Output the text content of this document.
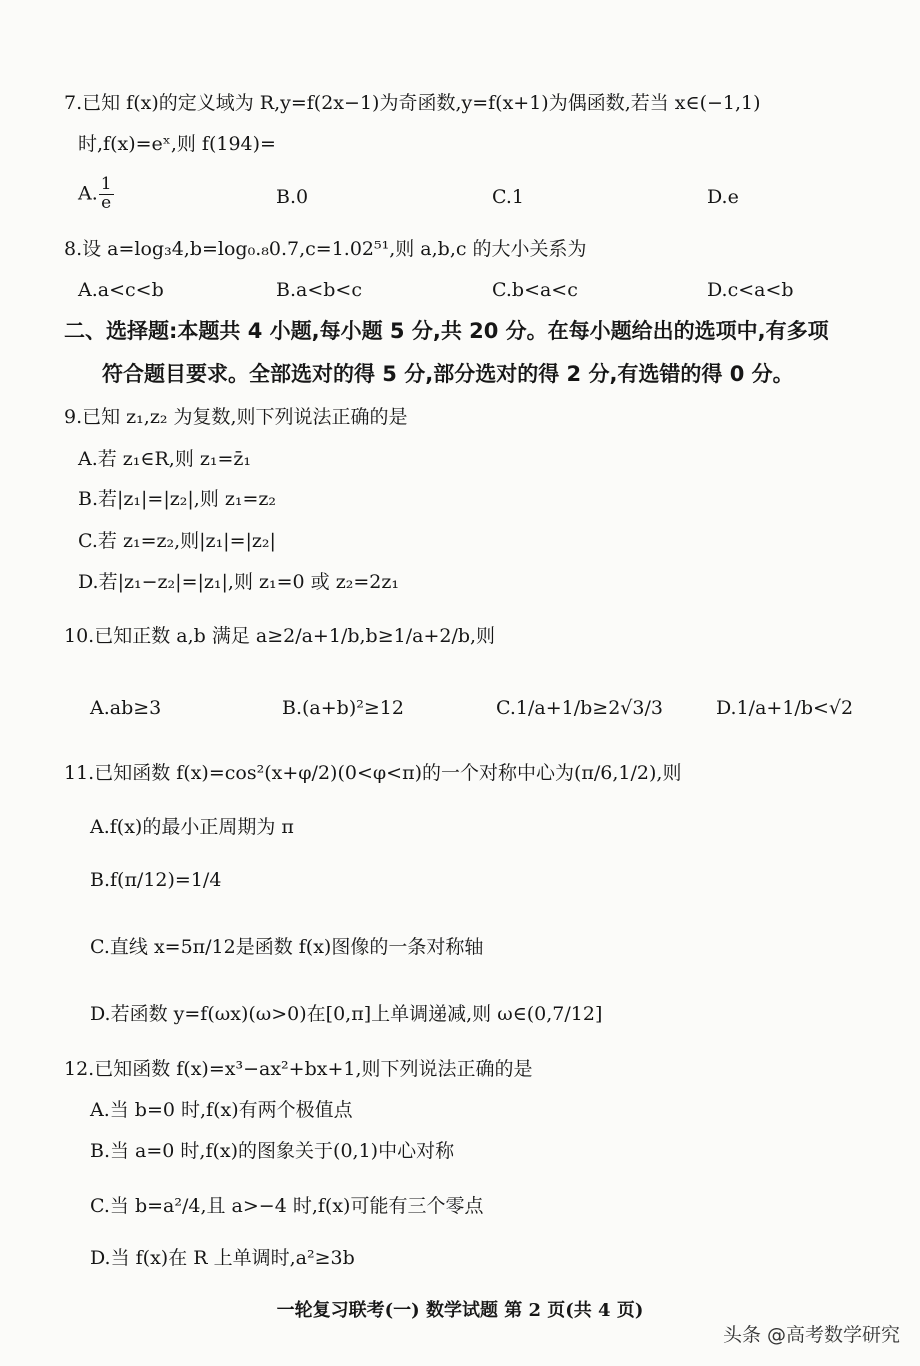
7.已知 f(x)的定义域为 R,y=f(2x−1)为奇函数,y=f(x+1)为偶函数,若当 x∈(−1,1)
时,f(x)=eˣ,则 f(194)=
A. $\frac{1}{e}$	B.0	C.1	D.e
8.设 a=log₃4,b=log₀.₈0.7,c=1.02⁵¹,则 a,b,c 的大小关系为
A.a<c<b	B.a<b<c	C.b<a<c	D.c<a<b
二、选择题:本题共 4 小题,每小题 5 分,共 20 分。在每小题给出的选项中,有多项
符合题目要求。全部选对的得 5 分,部分选对的得 2 分,有选错的得 0 分。
9.已知 z₁,z₂ 为复数,则下列说法正确的是
A.若 z₁∈R,则 z₁=z̄₁
B.若|z₁|=|z₂|,则 z₁=z₂
C.若 z₁=z₂,则|z₁|=|z₂|
D.若|z₁−z₂|=|z₁|,则 z₁=0 或 z₂=2z₁
10.已知正数 a,b 满足 a≥2/a+1/b,b≥1/a+2/b,则
A.ab≥3	B.(a+b)²≥12	C.1/a+1/b≥2√3/3	D.1/a+1/b<√2
11.已知函数 f(x)=cos²(x+φ/2)(0<φ<π)的一个对称中心为(π/6,1/2),则
A.f(x)的最小正周期为 π
B.f(π/12)=1/4
C.直线 x=5π/12是函数 f(x)图像的一条对称轴
D.若函数 y=f(ωx)(ω>0)在[0,π]上单调递减,则 ω∈(0,7/12]
12.已知函数 f(x)=x³−ax²+bx+1,则下列说法正确的是
A.当 b=0 时,f(x)有两个极值点
B.当 a=0 时,f(x)的图象关于(0,1)中心对称
C.当 b=a²/4,且 a>−4 时,f(x)可能有三个零点
D.当 f(x)在 R 上单调时,a²≥3b
一轮复习联考(一) 数学试题 第 2 页(共 4 页)
头条 @高考数学研究
